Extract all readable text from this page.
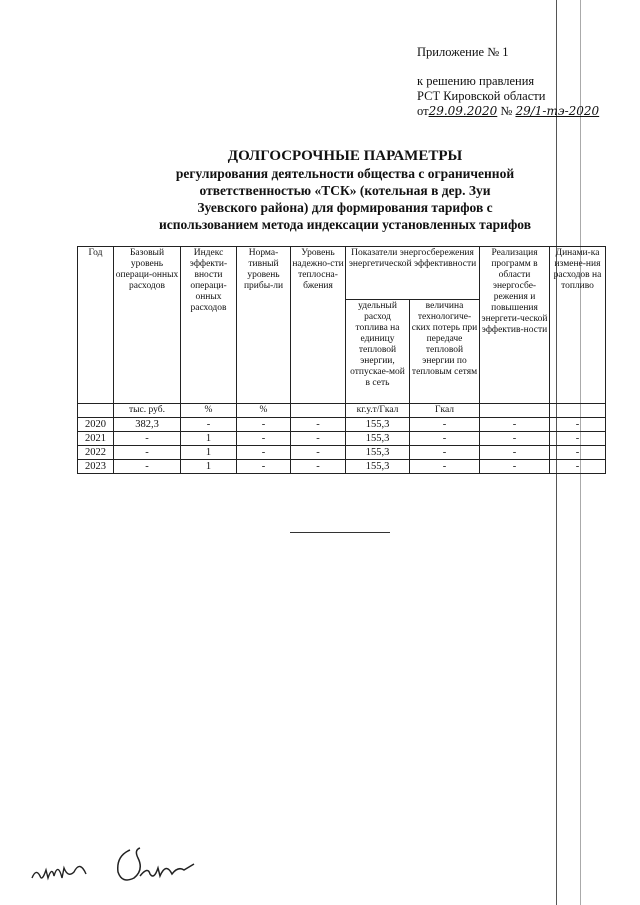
Приложение № 1
к решению правления
РСТ Кировской области
от29.09.2020 № 29/1-тэ-2020
ДОЛГОСРОЧНЫЕ ПАРАМЕТРЫ
регулирования деятельности общества с ограниченной
ответственностью «ТСК» (котельная в дер. Зуи
Зуевского района) для формирования тарифов с
использованием метода индексации установленных тарифов
Год	Базовый уровень операци-онных расходов	Индекс эффекти-вности операци-онных расходов	Норма-тивный уровень прибы-ли	Уровень надежно-сти теплосна-бжения	Показатели энергосбережения энергетической эффективности		Реализация программ в области энергосбе-режения и повышения энергети-ческой эффектив-ности	Динами-ка измене-ния расходов на топливо
					удельный расход топлива на единицу тепловой энергии, отпускае-мой в сеть	величина технологиче-ских потерь при передаче тепловой энергии по тепловым сетям		
	тыс. руб.	%	%		кг.у.т/Гкал	Гкал		
2020	382,3	-	-	-	155,3	-	-	-
2021	-	1	-	-	155,3	-	-	-
2022	-	1	-	-	155,3	-	-	-
2023	-	1	-	-	155,3	-	-	-
